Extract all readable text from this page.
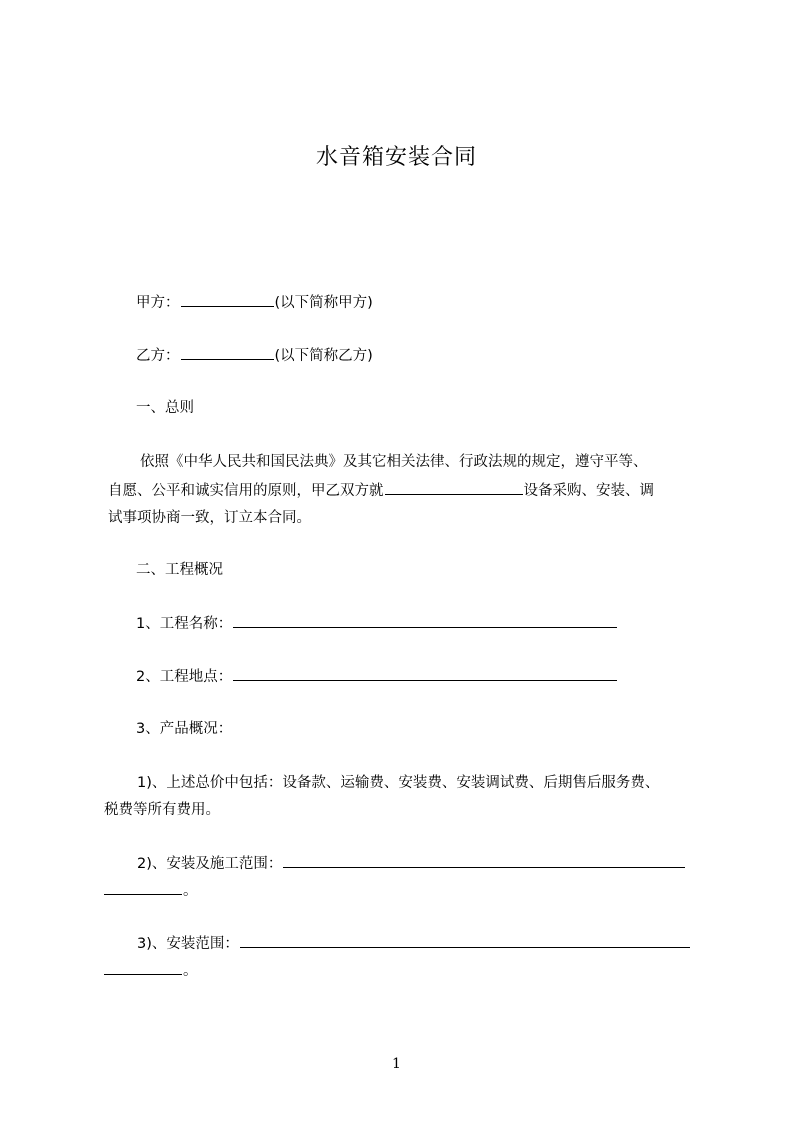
水音箱安装合同
甲方：	(以下简称甲方)
乙方：	(以下简称乙方)
一、总则
依照《中华人民共和国民法典》及其它相关法律、行政法规的规定，遵守平等、
自愿、公平和诚实信用的原则，甲乙双方就	设备采购、安装、调
试事项协商一致，订立本合同。
二、工程概况
1、工程名称：
2、工程地点：
3、产品概况：
1)、上述总价中包括：设备款、运输费、安装费、安装调试费、后期售后服务费、
税费等所有费用。
2)、安装及施工范围：
。
3)、安装范围：
。
1
